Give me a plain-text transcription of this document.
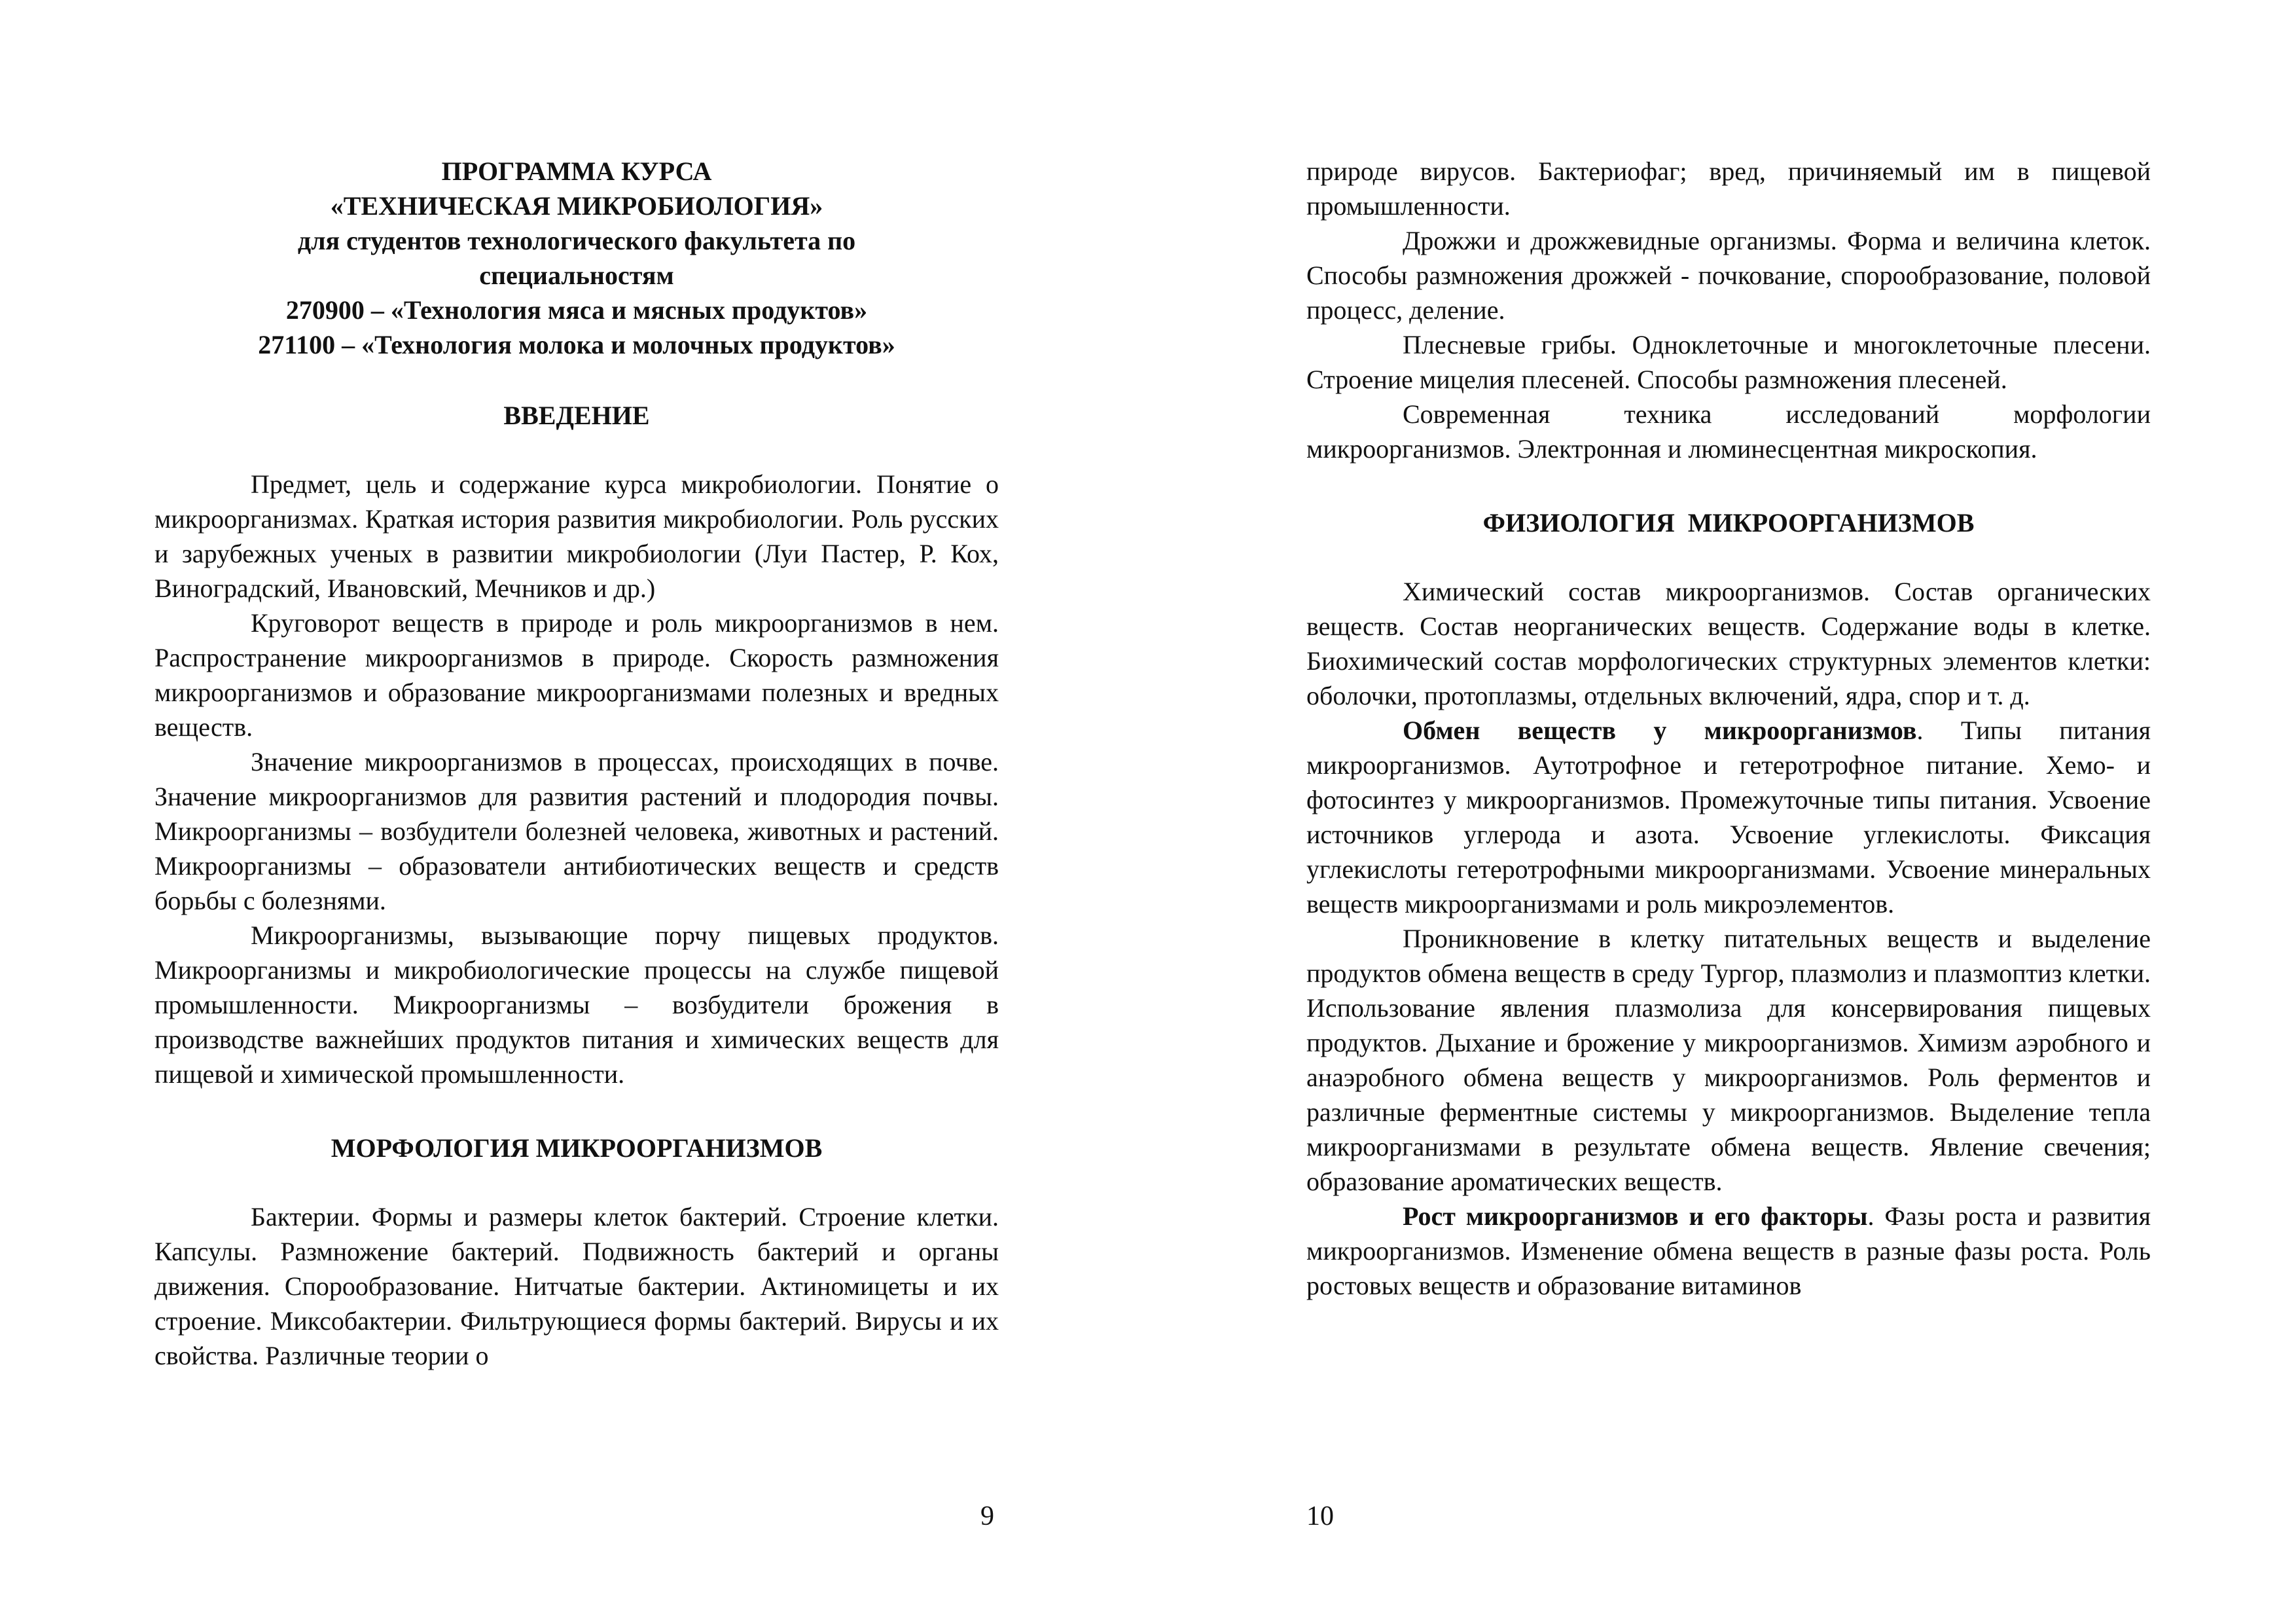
ПРОГРАММА КУРСА
«ТЕХНИЧЕСКАЯ МИКРОБИОЛОГИЯ»
для студентов технологического факультета по
специальностям
270900 – «Технология мяса и мясных продуктов»
271100 – «Технология молока и молочных продуктов»
ВВЕДЕНИЕ

Предмет, цель и содержание курса микробиологии. Понятие о микроорганизмах. Краткая история развития микробиологии. Роль русских и зарубежных ученых в развитии микробиологии (Луи Пастер, Р. Кох, Виноградский, Ивановский, Мечников и др.)

Круговорот веществ в природе и роль микроорганизмов в нем. Распространение микроорганизмов в природе. Скорость размножения микроорганизмов и образование микроорганизмами полезных и вредных веществ.

Значение микроорганизмов в процессах, происходящих в почве. Значение микроорганизмов для развития растений и плодородия почвы. Микроорганизмы – возбудители болезней человека, животных и растений. Микроорганизмы – образователи антибиотических веществ и средств борьбы с болезнями.

Микроорганизмы, вызывающие порчу пищевых продуктов. Микроорганизмы и микробиологические процессы на службе пищевой промышленности. Микроорганизмы – возбудители брожения в производстве важнейших продуктов питания и химических веществ для пищевой и химической промышленности.

МОРФОЛОГИЯ МИКРООРГАНИЗМОВ

Бактерии. Формы и размеры клеток бактерий. Строение клетки. Капсулы. Размножение бактерий. Подвижность бактерий и органы движения. Спорообразование. Нитчатые бактерии. Актиномицеты и их строение. Миксобактерии. Фильтрующиеся формы бактерий. Вирусы и их свойства. Различные теории о

9

природе вирусов. Бактериофаг; вред, причиняемый им в пищевой промышленности.

Дрожжи и дрожжевидные организмы. Форма и величина клеток. Способы размножения дрожжей - почкование, спорообразование, половой процесс, деление.

Плесневые грибы. Одноклеточные и многоклеточные плесени. Строение мицелия плесеней. Способы размножения плесеней.

Современная техника исследований морфологии микроорганизмов. Электронная и люминесцентная микроскопия.

ФИЗИОЛОГИЯ  МИКРООРГАНИЗМОВ

Химический состав микроорганизмов. Состав органических веществ. Состав неорганических веществ. Содержание воды в клетке. Биохимический состав морфологических структурных элементов клетки: оболочки, протоплазмы, отдельных включений, ядра, спор и т. д.

Обмен веществ у микроорганизмов. Типы питания микроорганизмов. Аутотрофное и гетеротрофное питание. Хемо- и фотосинтез у микроорганизмов. Промежуточные типы питания. Усвоение источников углерода и азота. Усвоение углекислоты. Фиксация углекислоты гетеротрофными микроорганизмами. Усвоение минеральных веществ микроорганизмами и роль микроэлементов.

Проникновение в клетку питательных веществ и выделение продуктов обмена веществ в среду Тургор, плазмолиз и плазмоптиз клетки. Использование явления плазмолиза для консервирования пищевых продуктов. Дыхание и брожение у микроорганизмов. Химизм аэробного и анаэробного обмена веществ у микроорганизмов. Роль ферментов и различные ферментные системы у микроорганизмов. Выделение тепла микроорганизмами в результате обмена веществ. Явление свечения; образование ароматических веществ.

Рост микроорганизмов и его факторы. Фазы роста и развития микроорганизмов. Изменение обмена веществ в разные фазы роста. Роль ростовых веществ и образование витаминов

10
